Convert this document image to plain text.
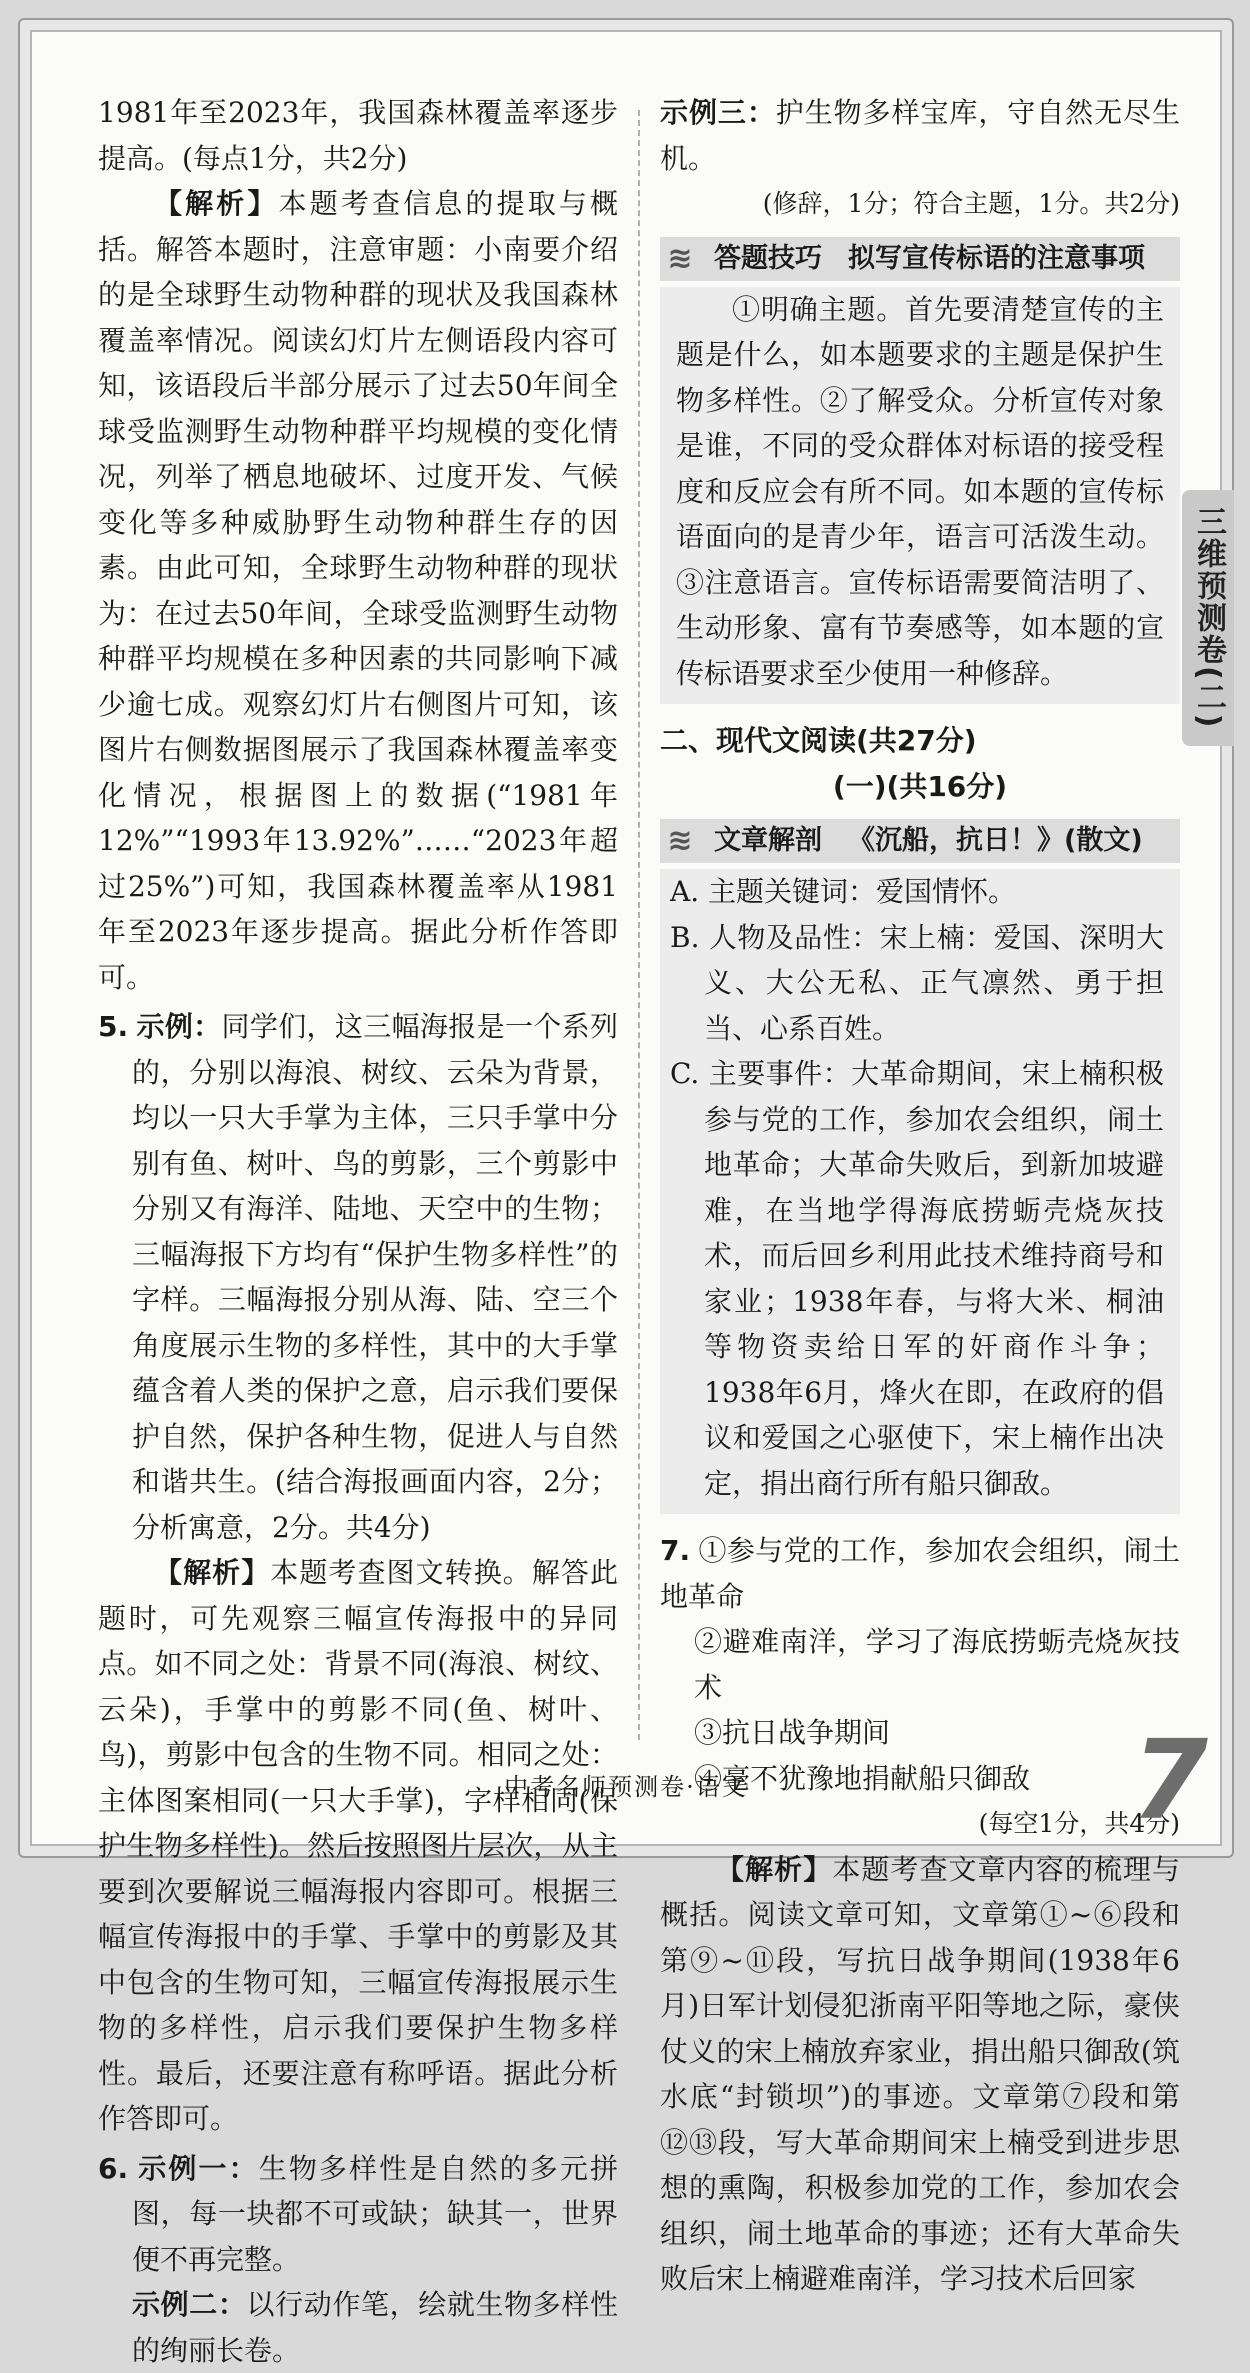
1981年至2023年，我国森林覆盖率逐步提高。(每点1分，共2分)

【解析】本题考查信息的提取与概括。解答本题时，注意审题：小南要介绍的是全球野生动物种群的现状及我国森林覆盖率情况。阅读幻灯片左侧语段内容可知，该语段后半部分展示了过去50年间全球受监测野生动物种群平均规模的变化情况，列举了栖息地破坏、过度开发、气候变化等多种威胁野生动物种群生存的因素。由此可知，全球野生动物种群的现状为：在过去50年间，全球受监测野生动物种群平均规模在多种因素的共同影响下减少逾七成。观察幻灯片右侧图片可知，该图片右侧数据图展示了我国森林覆盖率变化情况，根据图上的数据(“1981年12%”“1993年13.92%”……“2023年超过25%”)可知，我国森林覆盖率从1981年至2023年逐步提高。据此分析作答即可。

5. 示例：同学们，这三幅海报是一个系列的，分别以海浪、树纹、云朵为背景，均以一只大手掌为主体，三只手掌中分别有鱼、树叶、鸟的剪影，三个剪影中分别又有海洋、陆地、天空中的生物；三幅海报下方均有“保护生物多样性”的字样。三幅海报分别从海、陆、空三个角度展示生物的多样性，其中的大手掌蕴含着人类的保护之意，启示我们要保护自然，保护各种生物，促进人与自然和谐共生。(结合海报画面内容，2分；分析寓意，2分。共4分)

【解析】本题考查图文转换。解答此题时，可先观察三幅宣传海报中的异同点。如不同之处：背景不同(海浪、树纹、云朵)，手掌中的剪影不同(鱼、树叶、鸟)，剪影中包含的生物不同。相同之处：主体图案相同(一只大手掌)，字样相同(保护生物多样性)。然后按照图片层次，从主要到次要解说三幅海报内容即可。根据三幅宣传海报中的手掌、手掌中的剪影及其中包含的生物可知，三幅宣传海报展示生物的多样性，启示我们要保护生物多样性。最后，还要注意有称呼语。据此分析作答即可。

6. 示例一：生物多样性是自然的多元拼图，每一块都不可或缺；缺其一，世界便不再完整。

示例二：以行动作笔，绘就生物多样性的绚丽长卷。

示例三：护生物多样宝库，守自然无尽生机。

(修辞，1分；符合主题，1分。共2分)

≋ 答题技巧 拟写宣传标语的注意事项

①明确主题。首先要清楚宣传的主题是什么，如本题要求的主题是保护生物多样性。②了解受众。分析宣传对象是谁，不同的受众群体对标语的接受程度和反应会有所不同。如本题的宣传标语面向的是青少年，语言可活泼生动。③注意语言。宣传标语需要简洁明了、生动形象、富有节奏感等，如本题的宣传标语要求至少使用一种修辞。

二、现代文阅读(共27分)

(一)(共16分)

≋ 文章解剖 《沉船，抗日！》(散文)

A. 主题关键词：爱国情怀。

B. 人物及品性：宋上楠：爱国、深明大义、大公无私、正气凛然、勇于担当、心系百姓。

C. 主要事件：大革命期间，宋上楠积极参与党的工作，参加农会组织，闹土地革命；大革命失败后，到新加坡避难，在当地学得海底捞蛎壳烧灰技术，而后回乡利用此技术维持商号和家业；1938年春，与将大米、桐油等物资卖给日军的奸商作斗争；1938年6月，烽火在即，在政府的倡议和爱国之心驱使下，宋上楠作出决定，捐出商行所有船只御敌。

7. ①参与党的工作，参加农会组织，闹土地革命

②避难南洋，学习了海底捞蛎壳烧灰技术

③抗日战争期间

④毫不犹豫地捐献船只御敌

(每空1分，共4分)

【解析】本题考查文章内容的梳理与概括。阅读文章可知，文章第①~⑥段和第⑨~⑪段，写抗日战争期间(1938年6月)日军计划侵犯浙南平阳等地之际，豪侠仗义的宋上楠放弃家业，捐出船只御敌(筑水底“封锁坝”)的事迹。文章第⑦段和第⑫⑬段，写大革命期间宋上楠受到进步思想的熏陶，积极参加党的工作，参加农会组织，闹土地革命的事迹；还有大革命失败后宋上楠避难南洋，学习技术后回家

三维预测卷(二)
中考名师预测卷·语文	7
